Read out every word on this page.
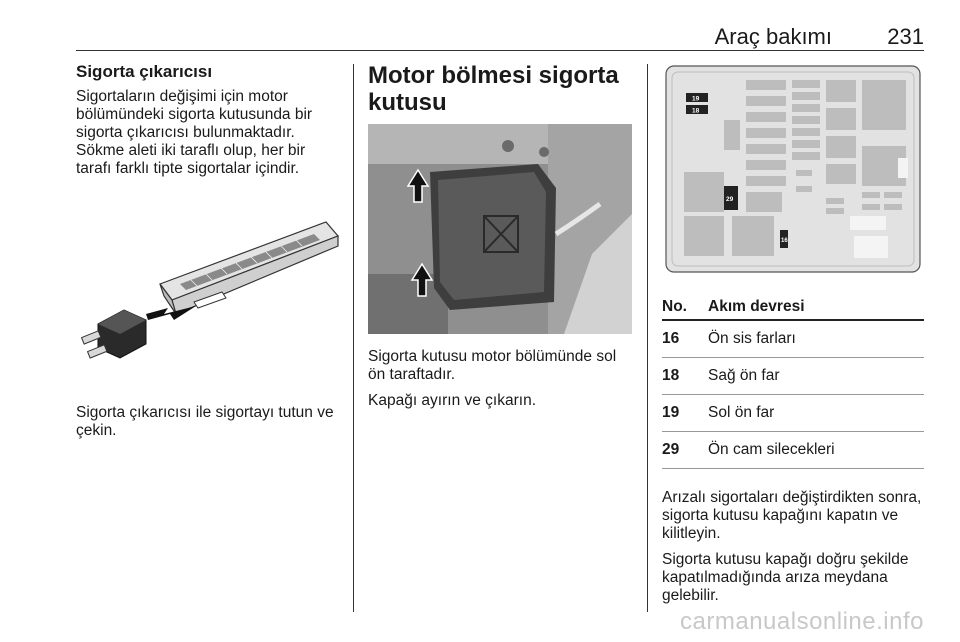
Araç bakımı	231
Sigorta çıkarıcısı

Sigortaların değişimi için motor bölümündeki sigorta kutusunda bir sigorta çıkarıcısı bulunmaktadır. Sökme aleti iki taraflı olup, her bir tarafı farklı tipte sigortalar içindir.

Sigorta çıkarıcısı ile sigortayı tutun ve çekin.

Motor bölmesi sigorta kutusu

Sigorta kutusu motor bölümünde sol ön taraftadır.

Kapağı ayırın ve çıkarın.

19
18
29
16
No.	Akım devresi
16	Ön sis farları
18	Sağ ön far
19	Sol ön far
29	Ön cam silecekleri

Arızalı sigortaları değiştirdikten sonra, sigorta kutusu kapağını kapatın ve kilitleyin.

Sigorta kutusu kapağı doğru şekilde kapatılmadığında arıza meydana gelebilir.

carmanualsonline.info
